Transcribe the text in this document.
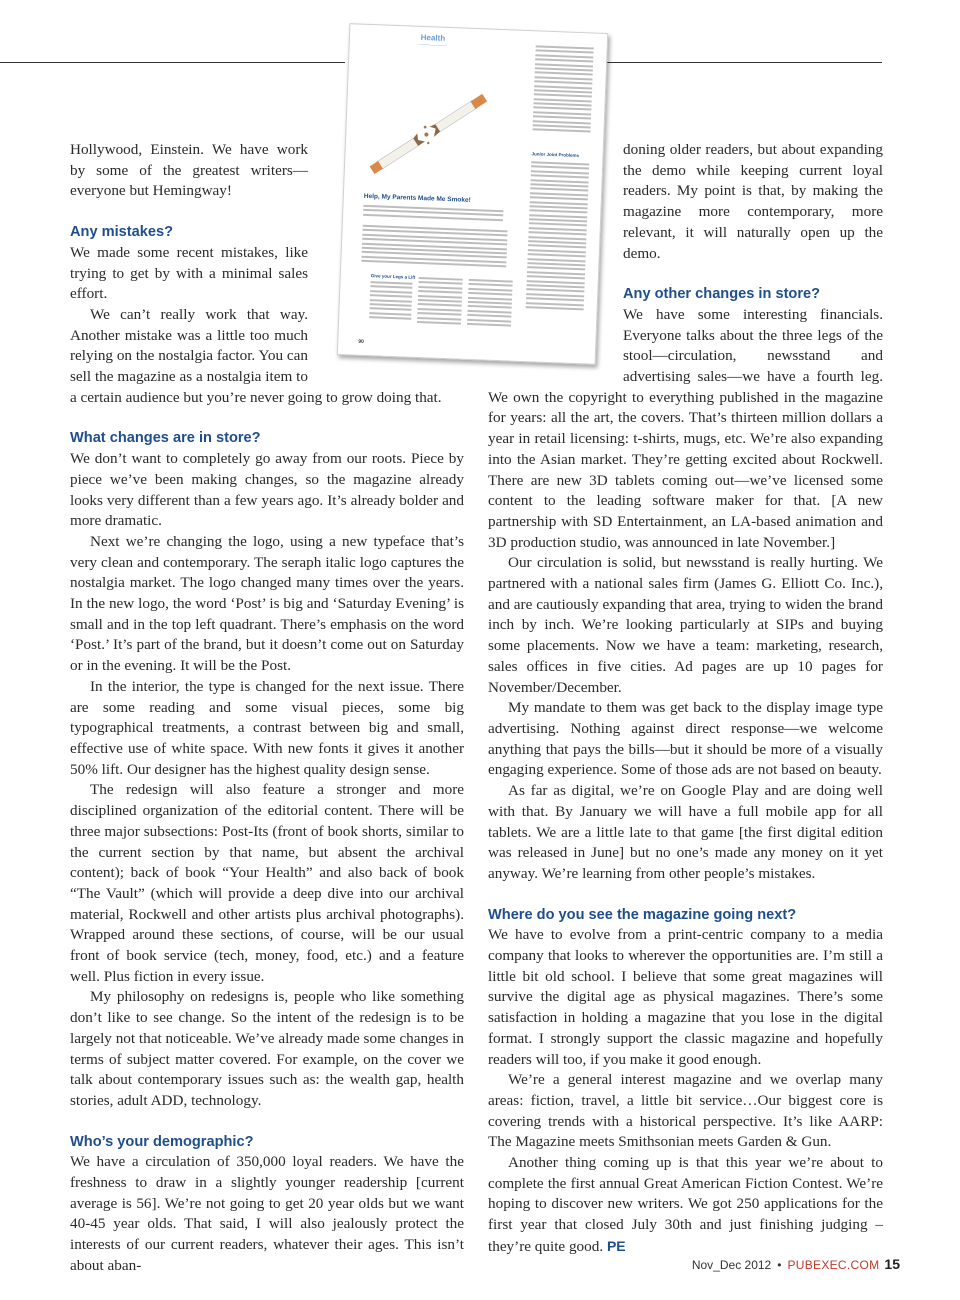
Health
──────────
Help, My Parents Made Me Smoke!
Junior Joint Problems
Give your Legs a Lift
90

Hollywood, Einstein. We have work by some of the greatest writers—everyone but Hemingway!

Any mistakes?

We made some recent mistakes, like trying to get by with a minimal sales effort.

We can’t really work that way. Another mistake was a little too much relying on the nostalgia factor. You can sell the magazine as a nostalgia item to a certain audience but you’re never going to grow doing that.

What changes are in store?

We don’t want to completely go away from our roots. Piece by piece we’ve been making changes, so the magazine already looks very different than a few years ago. It’s already bolder and more dramatic.

Next we’re changing the logo, using a new typeface that’s very clean and contemporary. The seraph italic logo captures the nostalgia market. The logo changed many times over the years. In the new logo, the word ‘Post’ is big and ‘Saturday Evening’ is small and in the top left quadrant. There’s emphasis on the word ‘Post.’ It’s part of the brand, but it doesn’t come out on Saturday or in the evening. It will be the Post.

In the interior, the type is changed for the next issue. There are some reading and some visual pieces, some big typographical treatments, a contrast between big and small, effective use of white space. With new fonts it gives it another 50% lift. Our designer has the highest quality design sense.

The redesign will also feature a stronger and more disciplined organization of the editorial content. There will be three major subsections: Post-Its (front of book shorts, similar to the current section by that name, but absent the archival content); back of book “Your Health” and also back of book “The Vault” (which will provide a deep dive into our archival material, Rockwell and other artists plus archival photographs). Wrapped around these sections, of course, will be our usual front of book service (tech, money, food, etc.) and a feature well. Plus fiction in every issue.

My philosophy on redesigns is, people who like something don’t like to see change. So the intent of the redesign is to be largely not that noticeable. We’ve already made some changes in terms of subject matter covered. For example, on the cover we talk about contemporary issues such as: the wealth gap, health stories, adult ADD, technology.

Who’s your demographic?

We have a circulation of 350,000 loyal readers. We have the freshness to draw in a slightly younger readership [current average is 56]. We’re not going to get 20 year olds but we want 40-45 year olds. That said, I will also jealously protect the interests of our current readers, whatever their ages. This isn’t about aban-

doning older readers, but about expanding the demo while keeping current loyal readers. My point is that, by making the magazine more contemporary, more relevant, it will naturally open up the demo.

Any other changes in store?

We have some interesting financials. Everyone talks about the three legs of the stool—circulation, newsstand and advertising sales—we have a fourth leg. We own the copyright to everything published in the magazine for years: all the art, the covers. That’s thirteen million dollars a year in retail licensing: t-shirts, mugs, etc. We’re also expanding into the Asian market. They’re getting excited about Rockwell. There are new 3D tablets coming out—we’ve licensed some content to the leading software maker for that. [A new partnership with SD Entertainment, an LA-based animation and 3D production studio, was announced in late November.]

Our circulation is solid, but newsstand is really hurting. We partnered with a national sales firm (James G. Elliott Co. Inc.), and are cautiously expanding that area, trying to widen the brand inch by inch. We’re looking particularly at SIPs and buying some placements. Now we have a team: marketing, research, sales offices in five cities. Ad pages are up 10 pages for November/December.

My mandate to them was get back to the display image type advertising. Nothing against direct response—we welcome anything that pays the bills—but it should be more of a visually engaging experience. Some of those ads are not based on beauty.

As far as digital, we’re on Google Play and are doing well with that. By January we will have a full mobile app for all tablets. We are a little late to that game [the first digital edition was released in June] but no one’s made any money on it yet anyway. We’re learning from other people’s mistakes.

Where do you see the magazine going next?

We have to evolve from a print-centric company to a media company that looks to wherever the opportunities are. I’m still a little bit old school. I believe that some great magazines will survive the digital age as physical magazines. There’s some satisfaction in holding a magazine that you lose in the digital format. I strongly support the classic magazine and hopefully readers will too, if you make it good enough.

We’re a general interest magazine and we overlap many areas: fiction, travel, a little bit service…Our biggest core is covering trends with a historical perspective. It’s like AARP: The Magazine meets Smithsonian meets Garden & Gun.

Another thing coming up is that this year we’re about to complete the first annual Great American Fiction Contest. We’re hoping to discover new writers. We got 250 applications for the first year that closed July 30th and just finishing judging – they’re quite good. PE

Nov_Dec 2012 • PUBEXEC.COM 15
